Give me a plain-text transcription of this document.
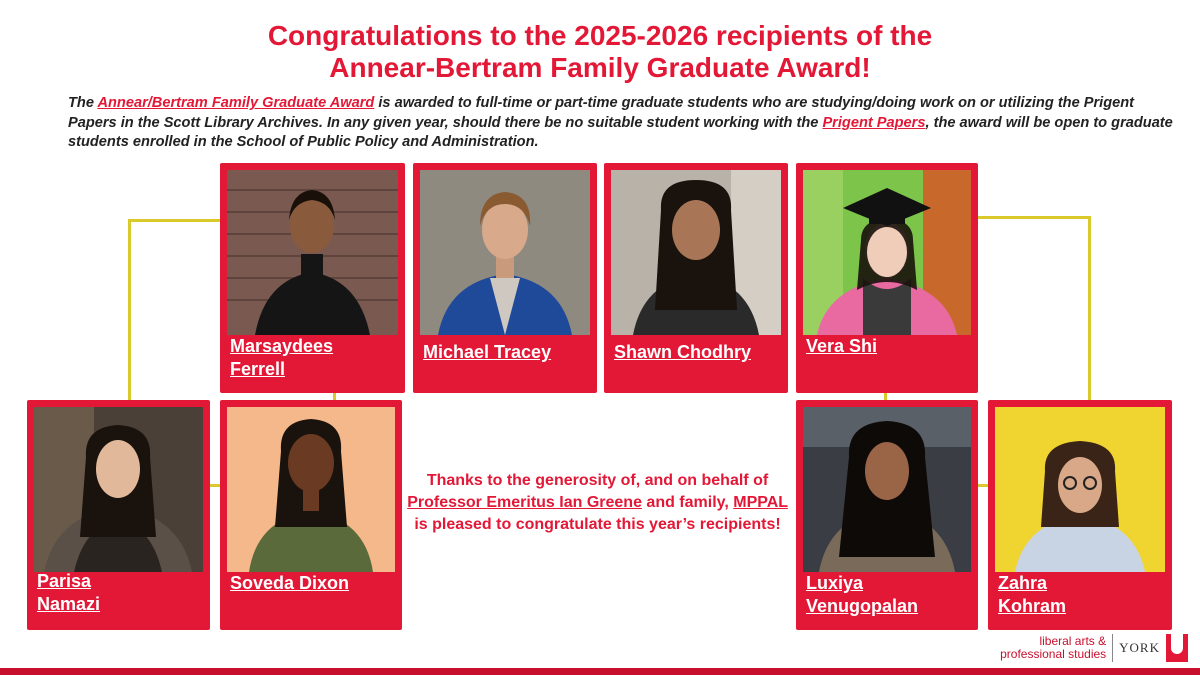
Congratulations to the 2025-2026 recipients of the
Annear-Bertram Family Graduate Award!
The Annear/Bertram Family Graduate Award is awarded to full-time or part-time graduate students who are studying/doing work on or utilizing the Prigent Papers in the Scott Library Archives. In any given year, should there be no suitable student working with the Prigent Papers, the award will be open to graduate students enrolled in the School of Public Policy and Administration.
Marsaydees
Ferrell
Michael Tracey	Shawn Chodhry	Vera Shi
Parisa
Namazi
Soveda Dixon	Luxiya
Venugopalan
Zahra
Kohram
Thanks to the generosity of, and on behalf of Professor Emeritus Ian Greene and family, MPPAL is pleased to congratulate this year’s recipients!
liberal arts &
professional studies YORK
